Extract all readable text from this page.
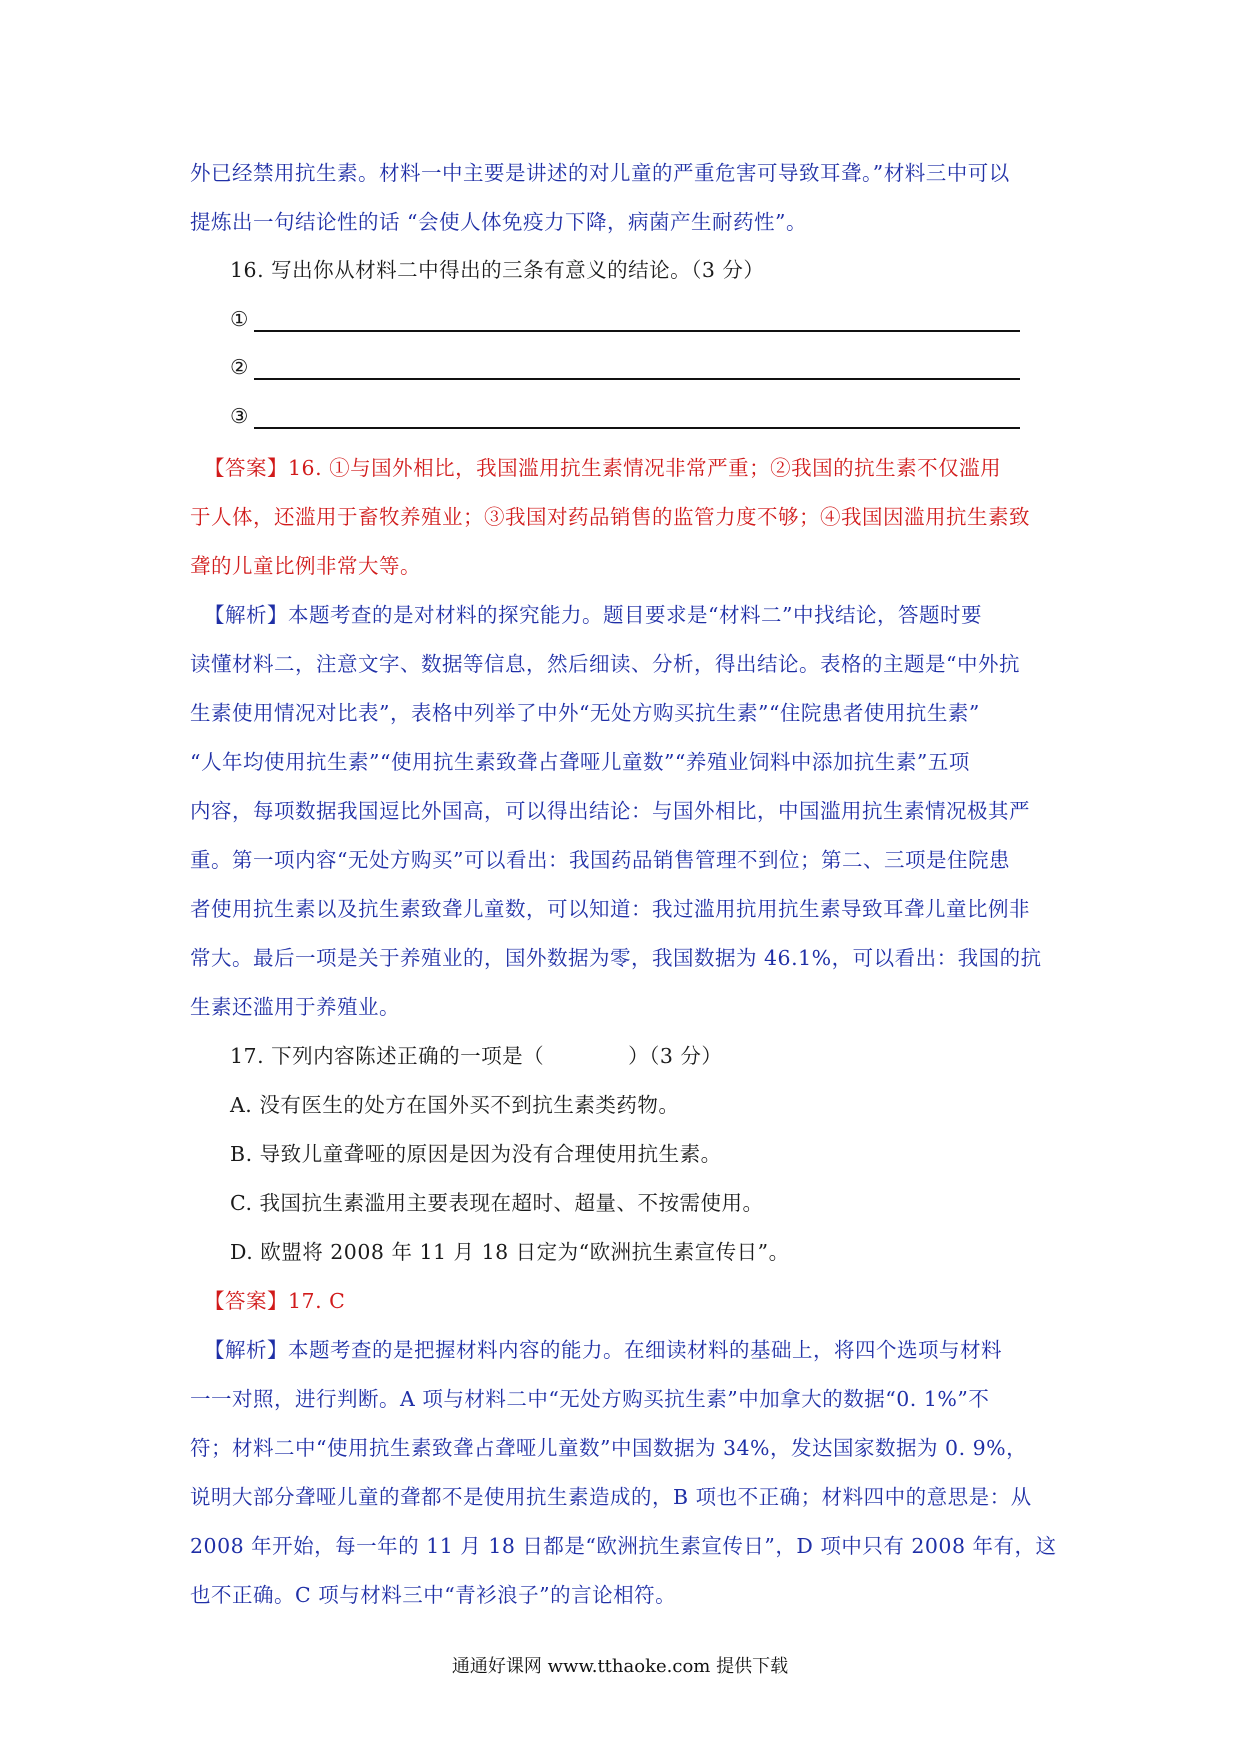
外已经禁用抗生素。材料一中主要是讲述的对儿童的严重危害可导致耳聋。”材料三中可以
提炼出一句结论性的话 “会使人体免疫力下降，病菌产生耐药性”。
16. 写出你从材料二中得出的三条有意义的结论。（3 分）
①
②
③
【答案】16. ①与国外相比，我国滥用抗生素情况非常严重；②我国的抗生素不仅滥用
于人体，还滥用于畜牧养殖业；③我国对药品销售的监管力度不够；④我国因滥用抗生素致
聋的儿童比例非常大等。
【解析】本题考查的是对材料的探究能力。题目要求是“材料二”中找结论，答题时要
读懂材料二，注意文字、数据等信息，然后细读、分析，得出结论。表格的主题是“中外抗
生素使用情况对比表”，表格中列举了中外“无处方购买抗生素”“住院患者使用抗生素”
“人年均使用抗生素”“使用抗生素致聋占聋哑儿童数”“养殖业饲料中添加抗生素”五项
内容，每项数据我国逗比外国高，可以得出结论：与国外相比，中国滥用抗生素情况极其严
重。第一项内容“无处方购买”可以看出：我国药品销售管理不到位；第二、三项是住院患
者使用抗生素以及抗生素致聋儿童数，可以知道：我过滥用抗用抗生素导致耳聋儿童比例非
常大。最后一项是关于养殖业的，国外数据为零，我国数据为 46.1%，可以看出：我国的抗
生素还滥用于养殖业。
17. 下列内容陈述正确的一项是（　　　　）（3 分）
A. 没有医生的处方在国外买不到抗生素类药物。
B. 导致儿童聋哑的原因是因为没有合理使用抗生素。
C. 我国抗生素滥用主要表现在超时、超量、不按需使用。
D. 欧盟将 2008 年 11 月 18 日定为“欧洲抗生素宣传日”。
【答案】17. C
【解析】本题考查的是把握材料内容的能力。在细读材料的基础上，将四个选项与材料
一一对照，进行判断。A 项与材料二中“无处方购买抗生素”中加拿大的数据“0. 1%”不
符；材料二中“使用抗生素致聋占聋哑儿童数”中国数据为 34%，发达国家数据为 0. 9%，
说明大部分聋哑儿童的聋都不是使用抗生素造成的，B 项也不正确；材料四中的意思是：从
2008 年开始，每一年的 11 月 18 日都是“欧洲抗生素宣传日”，D 项中只有 2008 年有，这
也不正确。C 项与材料三中“青衫浪子”的言论相符。
通通好课网 www.tthaoke.com 提供下载
